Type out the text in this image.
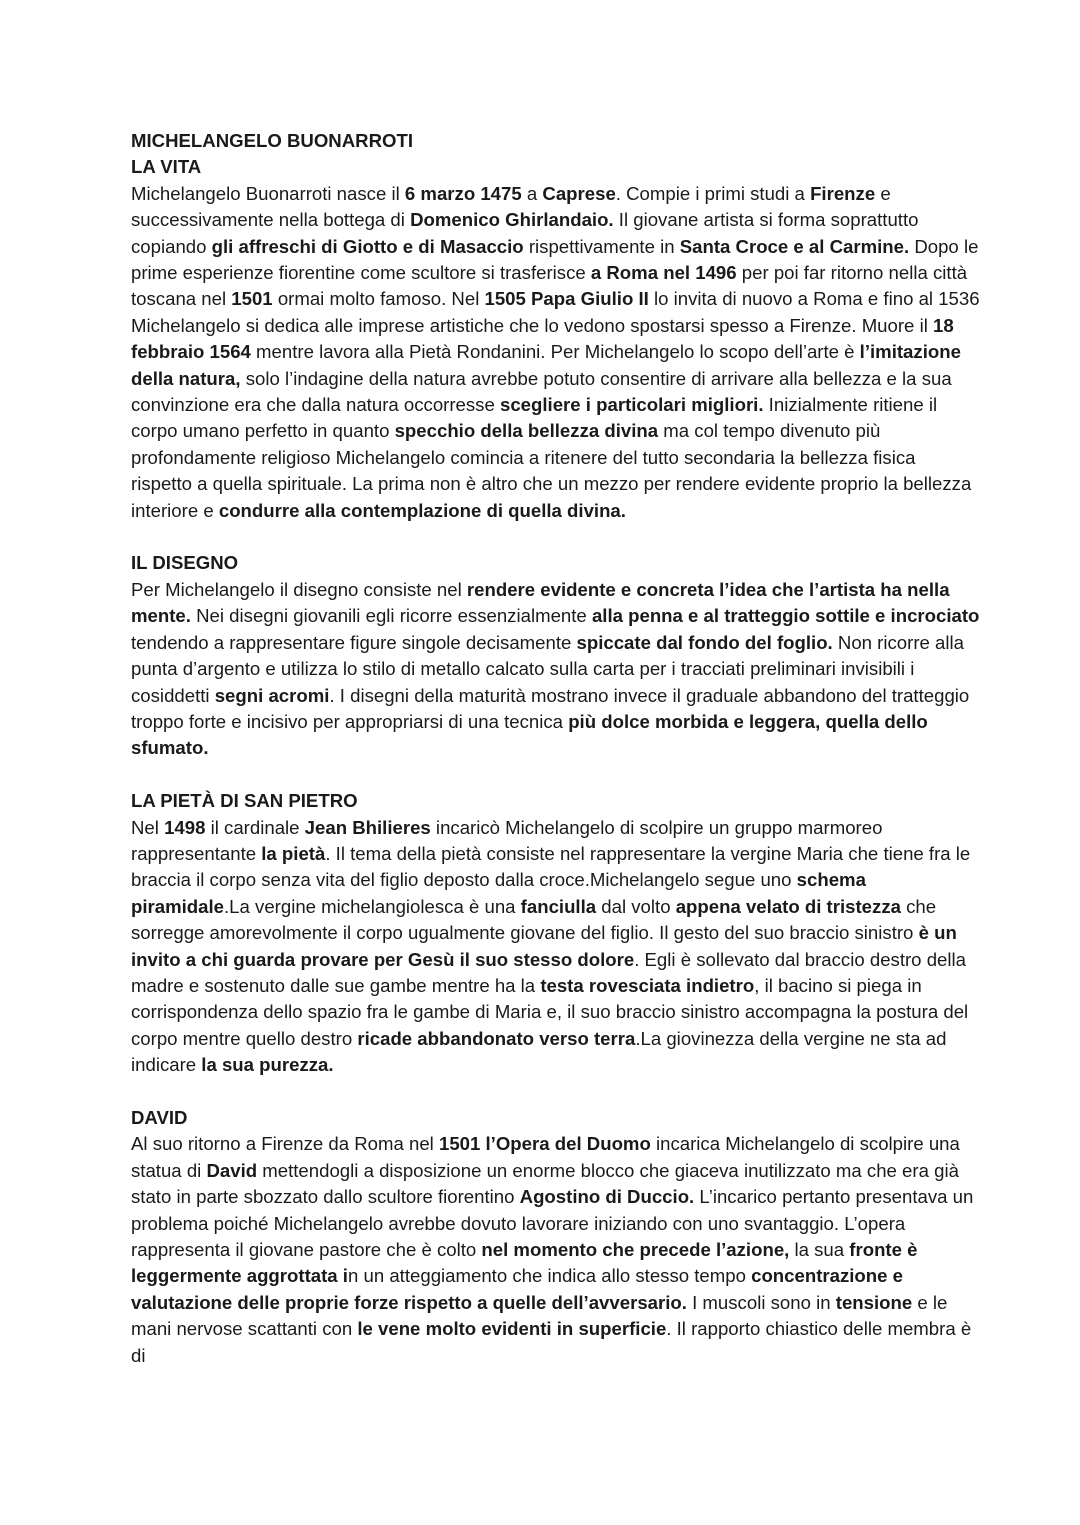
MICHELANGELO BUONARROTI
LA VITA

Michelangelo Buonarroti nasce il 6 marzo 1475 a Caprese. Compie i primi studi a Firenze e successivamente nella bottega di Domenico Ghirlandaio. Il giovane artista si forma soprattutto copiando gli affreschi di Giotto e di Masaccio rispettivamente in Santa Croce e al Carmine. Dopo le prime esperienze fiorentine come scultore si trasferisce a Roma nel 1496 per poi far ritorno nella città toscana nel 1501 ormai molto famoso. Nel 1505 Papa Giulio II lo invita di nuovo a Roma e fino al 1536 Michelangelo si dedica alle imprese artistiche che lo vedono spostarsi spesso a Firenze. Muore il 18 febbraio 1564 mentre lavora alla Pietà Rondanini. Per Michelangelo lo scopo dell’arte è l’imitazione della natura, solo l’indagine della natura avrebbe potuto consentire di arrivare alla bellezza e la sua convinzione era che dalla natura occorresse scegliere i particolari migliori. Inizialmente ritiene il corpo umano perfetto in quanto specchio della bellezza divina ma col tempo divenuto più profondamente religioso Michelangelo comincia a ritenere del tutto secondaria la bellezza fisica rispetto a quella spirituale. La prima non è altro che un mezzo per rendere evidente proprio la bellezza interiore e condurre alla contemplazione di quella divina.

IL DISEGNO

Per Michelangelo il disegno consiste nel rendere evidente e concreta l’idea che l’artista ha nella mente. Nei disegni giovanili egli ricorre essenzialmente alla penna e al tratteggio sottile e incrociato tendendo a rappresentare figure singole decisamente spiccate dal fondo del foglio. Non ricorre alla punta d’argento e utilizza lo stilo di metallo calcato sulla carta per i tracciati preliminari invisibili i cosiddetti segni acromi. I disegni della maturità mostrano invece il graduale abbandono del tratteggio troppo forte e incisivo per appropriarsi di una tecnica più dolce morbida e leggera, quella dello sfumato.

LA PIETÀ DI SAN PIETRO

Nel 1498 il cardinale Jean Bhilieres incaricò Michelangelo di scolpire un gruppo marmoreo rappresentante la pietà. Il tema della pietà consiste nel rappresentare la vergine Maria che tiene fra le braccia il corpo senza vita del figlio deposto dalla croce.Michelangelo segue uno schema piramidale.La vergine michelangiolesca è una fanciulla dal volto appena velato di tristezza che sorregge amorevolmente il corpo ugualmente giovane del figlio. Il gesto del suo braccio sinistro è un invito a chi guarda provare per Gesù il suo stesso dolore. Egli è sollevato dal braccio destro della madre e sostenuto dalle sue gambe mentre ha la testa rovesciata indietro, il bacino si piega in corrispondenza dello spazio fra le gambe di Maria e, il suo braccio sinistro accompagna la postura del corpo mentre quello destro ricade abbandonato verso terra.La giovinezza della vergine ne sta ad indicare la sua purezza.

DAVID

Al suo ritorno a Firenze da Roma nel 1501 l’Opera del Duomo incarica Michelangelo di scolpire una statua di David mettendogli a disposizione un enorme blocco che giaceva inutilizzato ma che era già stato in parte sbozzato dallo scultore fiorentino Agostino di Duccio. L’incarico pertanto presentava un problema poiché Michelangelo avrebbe dovuto lavorare iniziando con uno svantaggio. L’opera rappresenta il giovane pastore che è colto nel momento che precede l’azione, la sua fronte è leggermente aggrottata in un atteggiamento che indica allo stesso tempo concentrazione e valutazione delle proprie forze rispetto a quelle dell’avversario. I muscoli sono in tensione e le mani nervose scattanti con le vene molto evidenti in superficie. Il rapporto chiastico delle membra è di
